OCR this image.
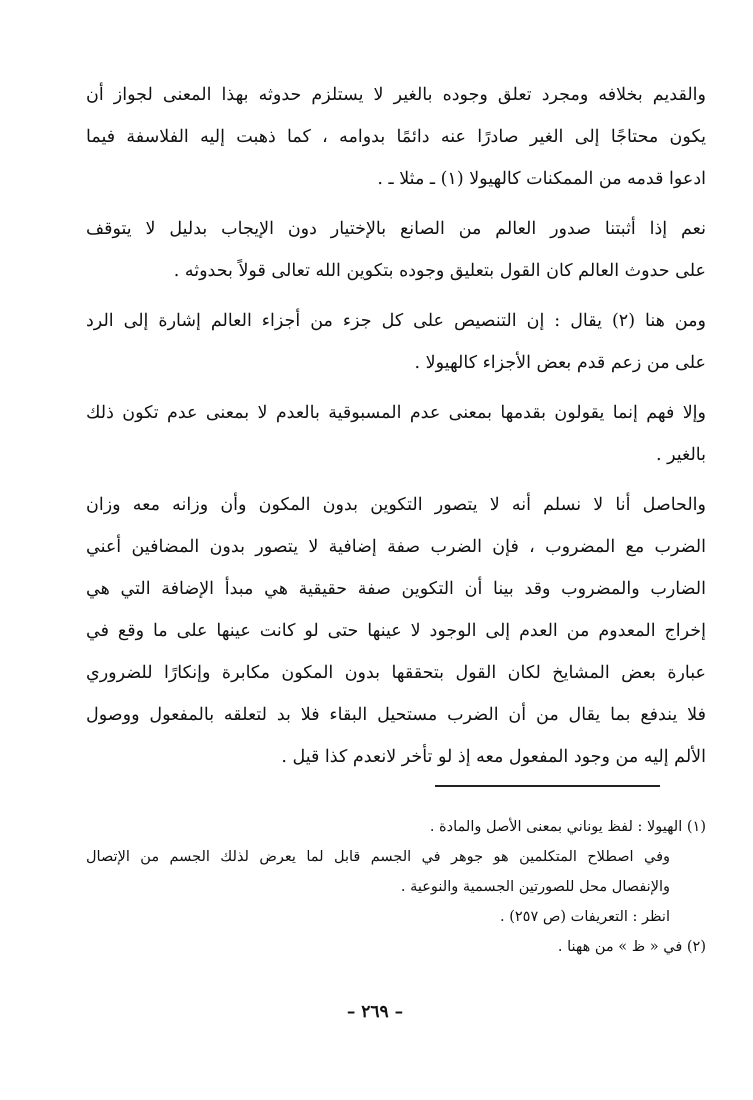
والقديم بخلافه ومجرد تعلق وجوده بالغير لا يستلزم حدوثه بهذا المعنى لجواز أن
يكون محتاجًا إلى الغير صادرًا عنه دائمًا بدوامه ، كما ذهبت إليه الفلاسفة فيما
ادعوا قدمه من الممكنات كالهيولا (١) ـ مثلا ـ .
نعم إذا أثبتنا صدور العالم من الصانع بالإختيار دون الإيجاب بدليل لا يتوقف
على حدوث العالم كان القول بتعليق وجوده بتكوين الله تعالى قولاً بحدوثه .
ومن هنا (٢) يقال : إن التنصيص على كل جزء من أجزاء العالم إشارة إلى الرد
على من زعم قدم بعض الأجزاء كالهيولا .
وإلا فهم إنما يقولون بقدمها بمعنى عدم المسبوقية بالعدم لا بمعنى عدم تكون ذلك
بالغير .
والحاصل أنا لا نسلم أنه لا يتصور التكوين بدون المكون وأن وزانه معه وزان
الضرب مع المضروب ، فإن الضرب صفة إضافية لا يتصور بدون المضافين أعني
الضارب والمضروب وقد بينا أن التكوين صفة حقيقية هي مبدأ الإضافة التي هي
إخراج المعدوم من العدم إلى الوجود لا عينها حتى لو كانت عينها على ما وقع في
عبارة بعض المشايخ لكان القول بتحققها بدون المكون مكابرة وإنكارًا للضروري
فلا يندفع بما يقال من أن الضرب مستحيل البقاء فلا بد لتعلقه بالمفعول ووصول
الألم إليه من وجود المفعول معه إذ لو تأخر لانعدم كذا قيل .
(١) الهيولا : لفظ يوناني بمعنى الأصل والمادة .
وفي اصطلاح المتكلمين هو جوهر في الجسم قابل لما يعرض لذلك الجسم من الإتصال
والإنفصال محل للصورتين الجسمية والنوعية .
انظر : التعريفات (ص ٢٥٧) .
(٢) في « ظ » من ههنا .
– ٢٦٩ –
